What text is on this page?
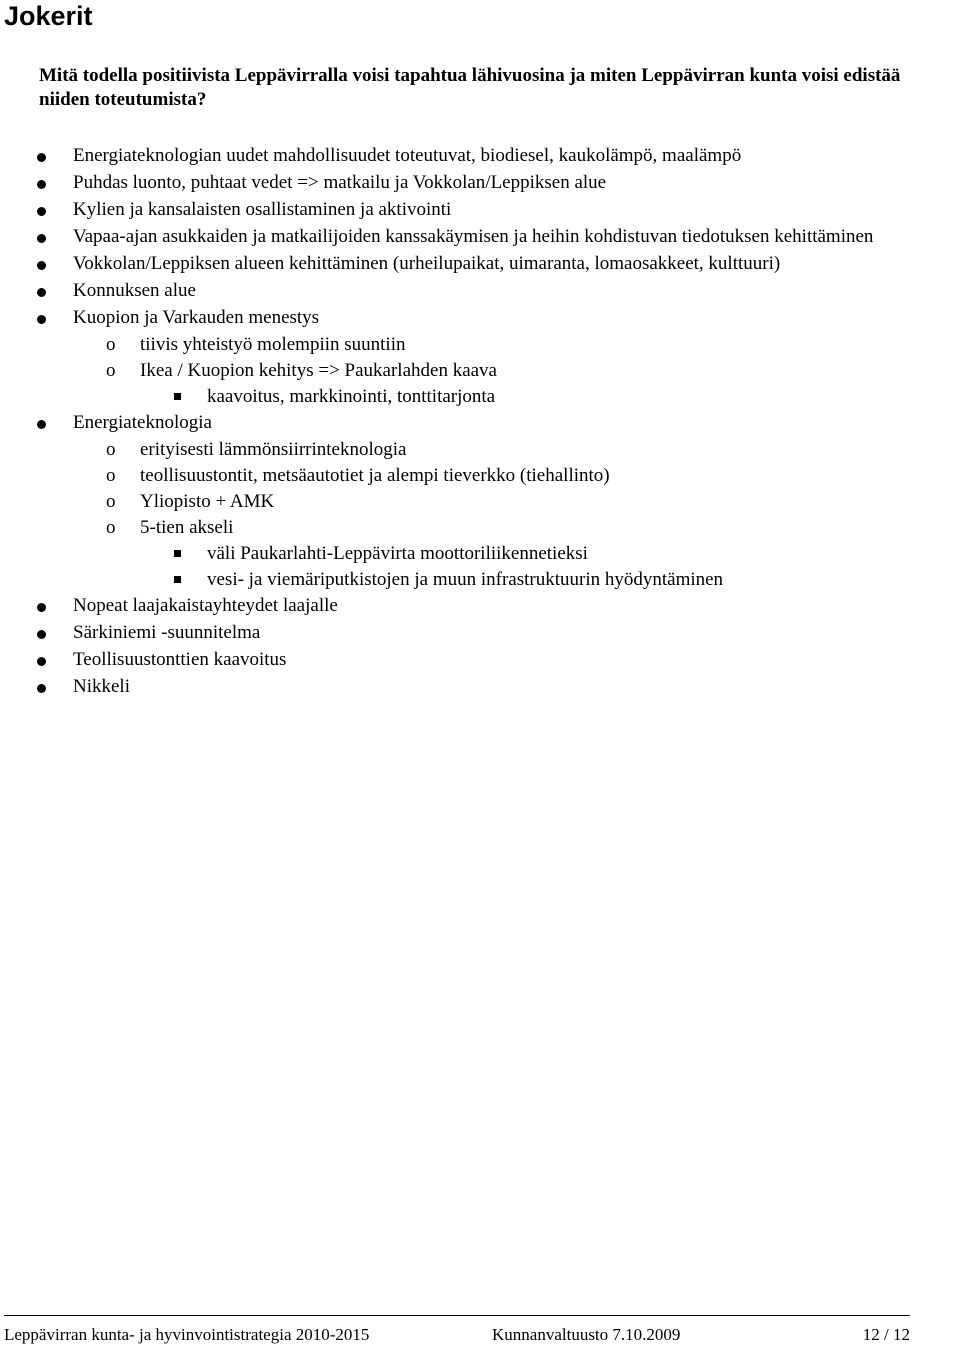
Jokerit

Mitä todella positiivista Leppävirralla voisi tapahtua lähivuosina ja miten Leppävirran kunta voisi edistää niiden toteutumista?

Energiateknologian uudet mahdollisuudet toteutuvat, biodiesel, kaukolämpö, maalämpö
Puhdas luonto, puhtaat vedet => matkailu ja Vokkolan/Leppiksen alue
Kylien ja kansalaisten osallistaminen ja aktivointi
Vapaa-ajan asukkaiden ja matkailijoiden kanssakäymisen ja heihin kohdistuvan tiedotuksen kehittäminen
Vokkolan/Leppiksen alueen kehittäminen (urheilupaikat, uimaranta, lomaosakkeet, kulttuuri)
Konnuksen alue
Kuopion ja Varkauden menestys
o tiivis yhteistyö molempiin suuntiin
o Ikea / Kuopion kehitys => Paukarlahden kaava
kaavoitus, markkinointi, tonttitarjonta
Energiateknologia
o erityisesti lämmönsiirrinteknologia
o teollisuustontit, metsäautotiet ja alempi tieverkko (tiehallinto)
o Yliopisto + AMK
o 5-tien akseli
väli Paukarlahti-Leppävirta moottoriliikennetieksi
vesi- ja viemäriputkistojen ja muun infrastruktuurin hyödyntäminen
Nopeat laajakaistayhteydet laajalle
Särkiniemi -suunnitelma
Teollisuustonttien kaavoitus
Nikkeli
Leppävirran kunta- ja hyvinvointistrategia 2010-2015	Kunnanvaltuusto 7.10.2009	12 / 12
